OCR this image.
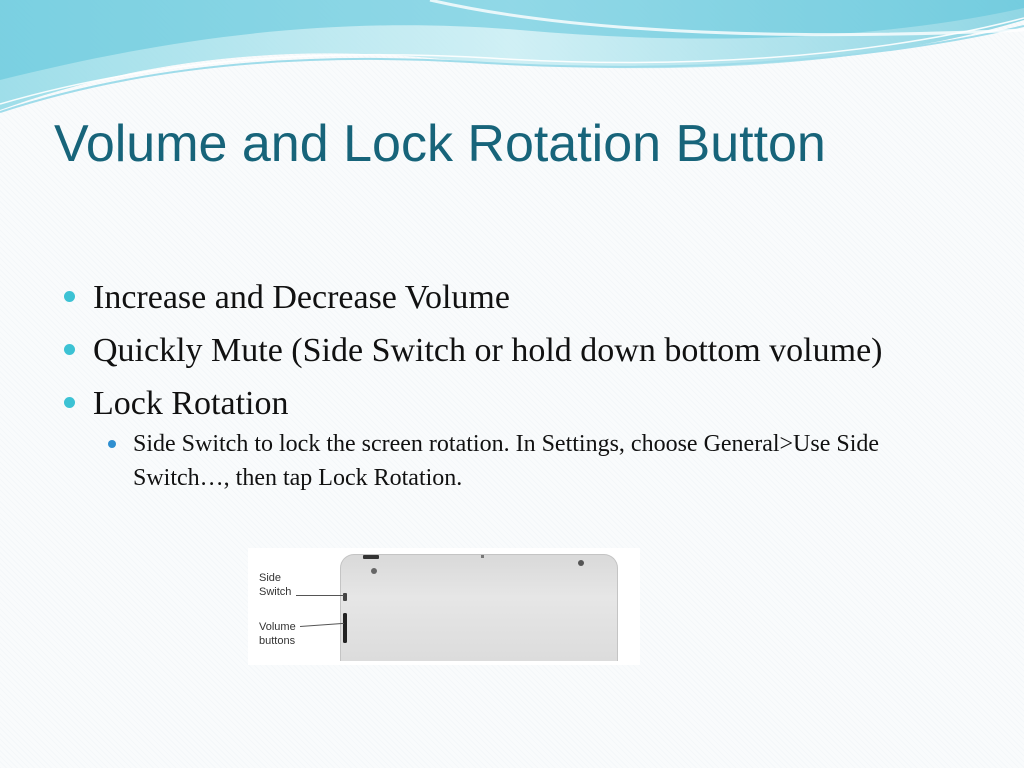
Volume and Lock Rotation Button
Increase and Decrease Volume
Quickly Mute (Side Switch or hold down bottom volume)
Lock Rotation
Side Switch to lock the screen rotation. In Settings, choose General>Use Side Switch…, then tap Lock Rotation.
Side
Switch
Volume
buttons
